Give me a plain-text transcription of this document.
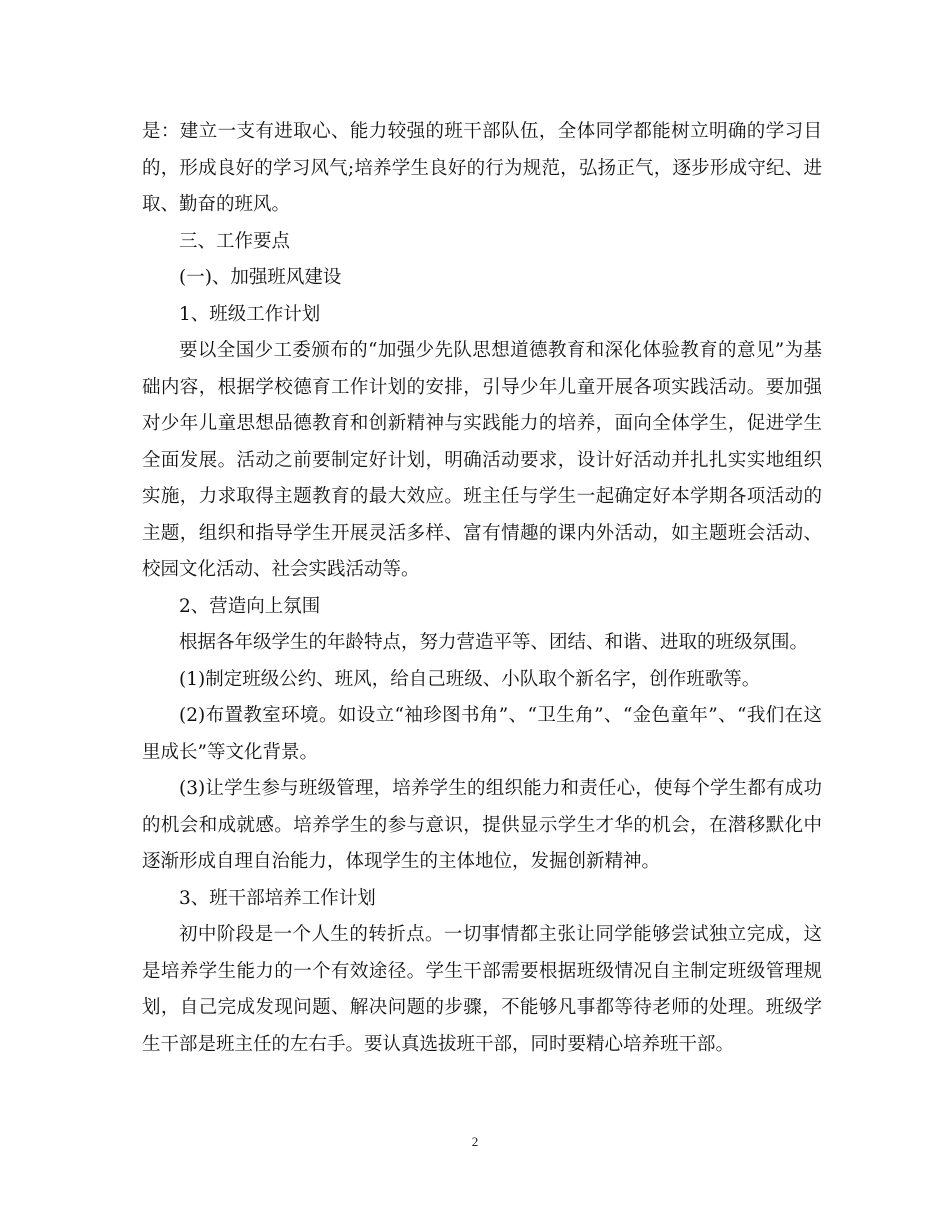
是：建立一支有进取心、能力较强的班干部队伍，全体同学都能树立明确的学习目的，形成良好的学习风气;培养学生良好的行为规范，弘扬正气，逐步形成守纪、进取、勤奋的班风。

三、工作要点

(一)、加强班风建设

1、班级工作计划

要以全国少工委颁布的“加强少先队思想道德教育和深化体验教育的意见”为基础内容，根据学校德育工作计划的安排，引导少年儿童开展各项实践活动。要加强对少年儿童思想品德教育和创新精神与实践能力的培养，面向全体学生，促进学生全面发展。活动之前要制定好计划，明确活动要求，设计好活动并扎扎实实地组织实施，力求取得主题教育的最大效应。班主任与学生一起确定好本学期各项活动的主题，组织和指导学生开展灵活多样、富有情趣的课内外活动，如主题班会活动、校园文化活动、社会实践活动等。

2、营造向上氛围

根据各年级学生的年龄特点，努力营造平等、团结、和谐、进取的班级氛围。

(1)制定班级公约、班风，给自己班级、小队取个新名字，创作班歌等。

(2)布置教室环境。如设立“袖珍图书角”、“卫生角”、“金色童年”、“我们在这里成长”等文化背景。

(3)让学生参与班级管理，培养学生的组织能力和责任心，使每个学生都有成功的机会和成就感。培养学生的参与意识，提供显示学生才华的机会，在潜移默化中逐渐形成自理自治能力，体现学生的主体地位，发掘创新精神。

3、班干部培养工作计划

初中阶段是一个人生的转折点。一切事情都主张让同学能够尝试独立完成，这是培养学生能力的一个有效途径。学生干部需要根据班级情况自主制定班级管理规划，自己完成发现问题、解决问题的步骤，不能够凡事都等待老师的处理。班级学生干部是班主任的左右手。要认真选拔班干部，同时要精心培养班干部。

2
